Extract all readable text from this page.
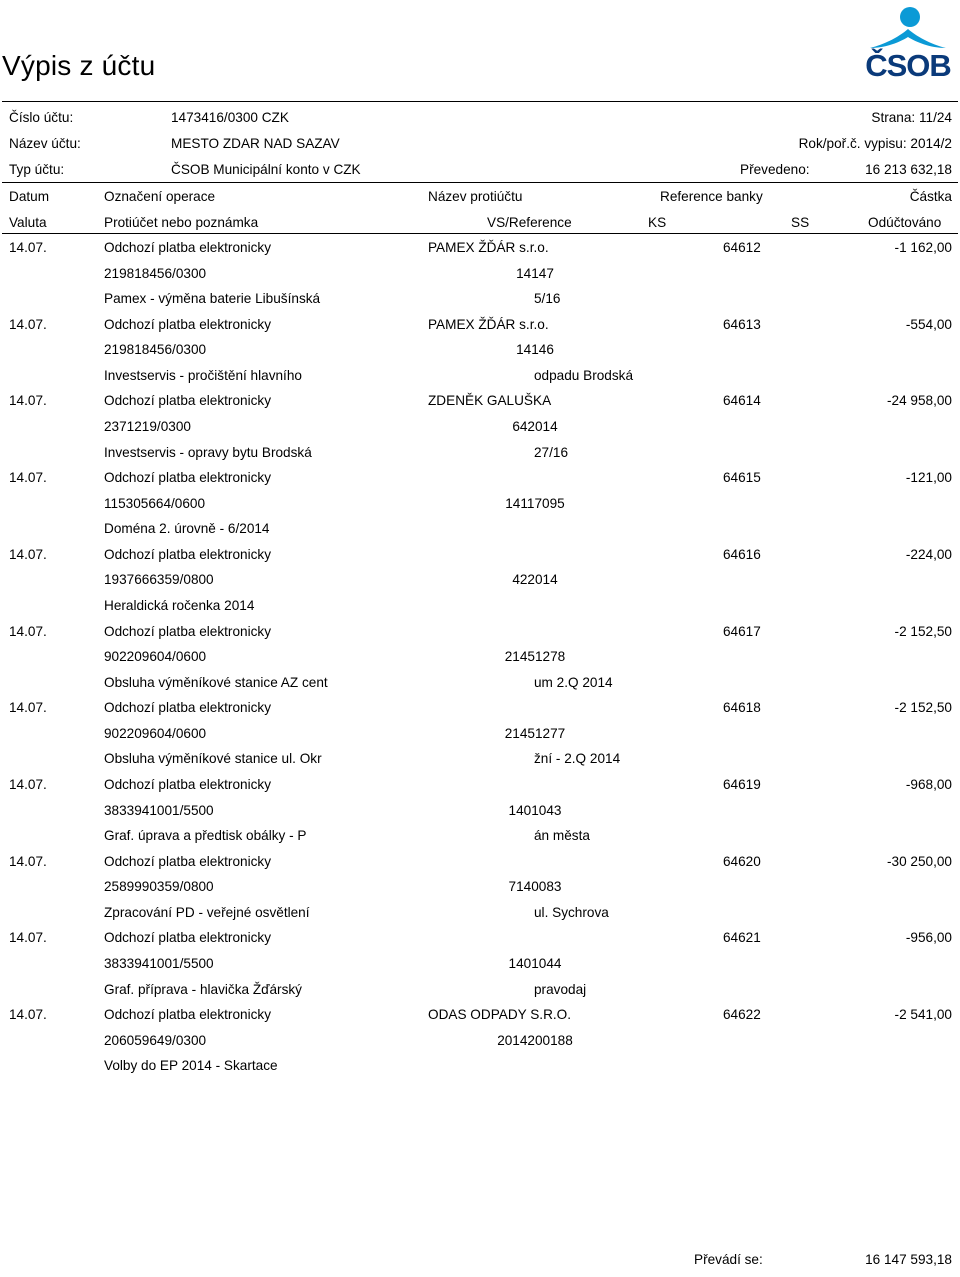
Výpis z účtu	ČSOB
Číslo účtu:	1473416/0300 CZK	Strana: 11/24
Název účtu:	MESTO ZDAR NAD SAZAV	Rok/poř.č. vypisu: 2014/2
Typ účtu:	ČSOB Municipální konto v CZK	Převedeno:	16 213 632,18
Datum	Označení operace	Název protiúčtu	Reference banky	Částka
Valuta	Protiúčet nebo poznámka	VS/Reference	KS	SS	Odúčtováno
14.07.	Odchozí platba elektronicky	PAMEX ŽĎÁR s.r.o.	64612	-1 162,00
219818456/0300	14147
Pamex - výměna baterie Libušínská	5/16
14.07.	Odchozí platba elektronicky	PAMEX ŽĎÁR s.r.o.	64613	-554,00
219818456/0300	14146
Investservis - pročištění hlavního	odpadu Brodská
14.07.	Odchozí platba elektronicky	ZDENĚK GALUŠKA	64614	-24 958,00
2371219/0300	642014
Investservis - opravy bytu Brodská	27/16
14.07.	Odchozí platba elektronicky	64615	-121,00
115305664/0600	14117095
Doména 2. úrovně - 6/2014
14.07.	Odchozí platba elektronicky	64616	-224,00
1937666359/0800	422014
Heraldická ročenka 2014
14.07.	Odchozí platba elektronicky	64617	-2 152,50
902209604/0600	21451278
Obsluha výměníkové stanice AZ cent	um 2.Q 2014
14.07.	Odchozí platba elektronicky	64618	-2 152,50
902209604/0600	21451277
Obsluha výměníkové stanice ul. Okr	žní - 2.Q 2014
14.07.	Odchozí platba elektronicky	64619	-968,00
3833941001/5500	1401043
Graf. úprava a předtisk obálky - P	án města
14.07.	Odchozí platba elektronicky	64620	-30 250,00
2589990359/0800	7140083
Zpracování PD - veřejné osvětlení	ul. Sychrova
14.07.	Odchozí platba elektronicky	64621	-956,00
3833941001/5500	1401044
Graf. příprava - hlavička Žďárský	pravodaj
14.07.	Odchozí platba elektronicky	ODAS ODPADY S.R.O.	64622	-2 541,00
206059649/0300	2014200188
Volby do EP 2014 - Skartace
Převádí se:	16 147 593,18
